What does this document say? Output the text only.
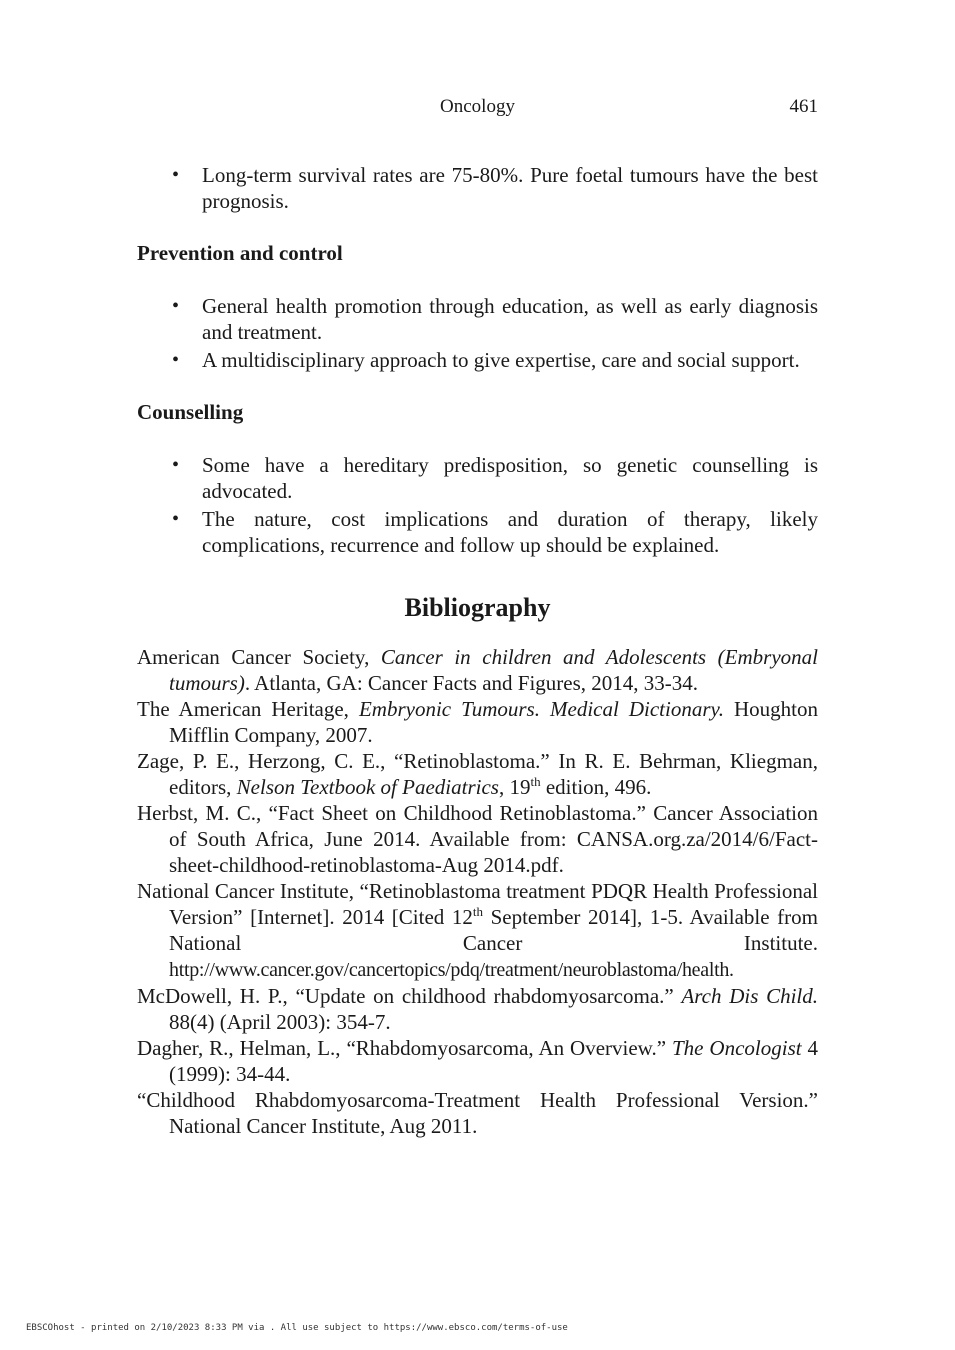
Oncology	461
• Long-term survival rates are 75-80%. Pure foetal tumours have the best prognosis.
Prevention and control
• General health promotion through education, as well as early diagnosis and treatment.
• A multidisciplinary approach to give expertise, care and social support.
Counselling
• Some have a hereditary predisposition, so genetic counselling is advocated.
• The nature, cost implications and duration of therapy, likely complications, recurrence and follow up should be explained.
Bibliography

American Cancer Society, Cancer in children and Adolescents (Embryonal tumours). Atlanta, GA: Cancer Facts and Figures, 2014, 33-34.

The American Heritage, Embryonic Tumours. Medical Dictionary. Houghton Mifflin Company, 2007.

Zage, P. E., Herzong, C. E., “Retinoblastoma.” In R. E. Behrman, Kliegman, editors, Nelson Textbook of Paediatrics, 19th edition, 496.

Herbst, M. C., “Fact Sheet on Childhood Retinoblastoma.” Cancer Association of South Africa, June 2014. Available from: CANSA.org.za/2014/6/Fact-sheet-childhood-retinoblastoma-Aug 2014.pdf.

National Cancer Institute, “Retinoblastoma treatment PDQR Health Professional Version” [Internet]. 2014 [Cited 12th September 2014], 1-5. Available from National Cancer Institute. http://www.cancer.gov/cancertopics/pdq/treatment/neuroblastoma/health.

McDowell, H. P., “Update on childhood rhabdomyosarcoma.” Arch Dis Child. 88(4) (April 2003): 354-7.

Dagher, R., Helman, L., “Rhabdomyosarcoma, An Overview.” The Oncologist 4 (1999): 34-44.

“Childhood Rhabdomyosarcoma-Treatment Health Professional Version.” National Cancer Institute, Aug 2011.

EBSCOhost - printed on 2/10/2023 8:33 PM via . All use subject to https://www.ebsco.com/terms-of-use
